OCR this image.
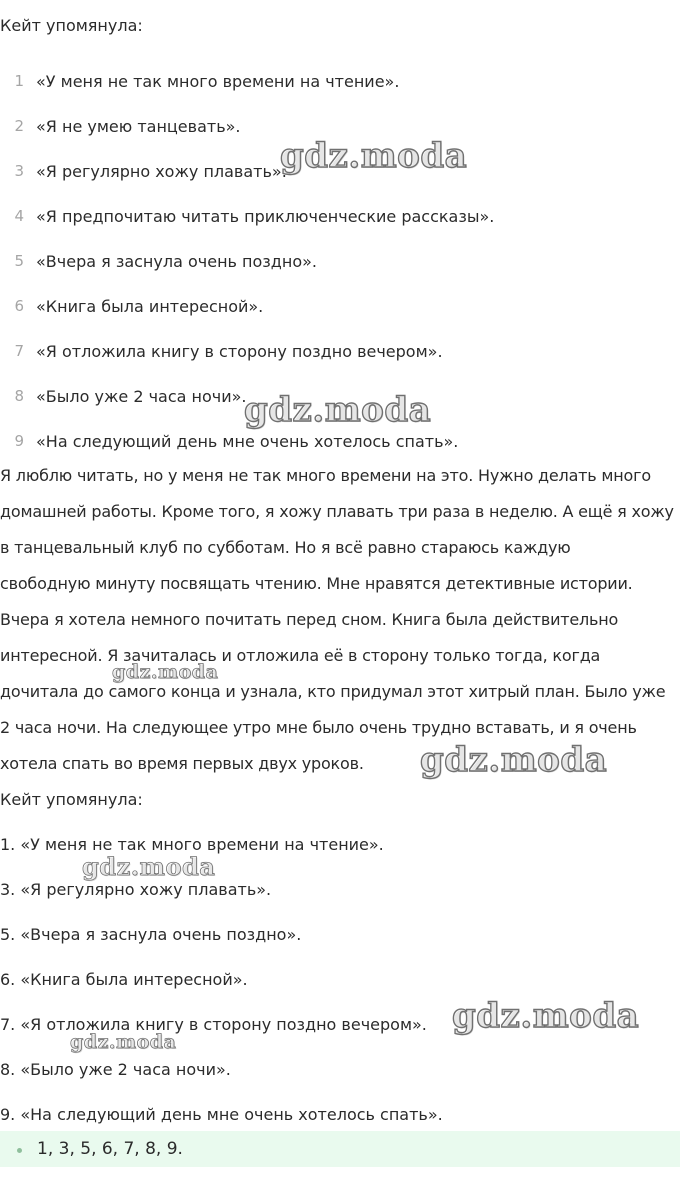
Кейт упомянула:
1 «У меня не так много времени на чтение».
2 «Я не умею танцевать».
3 «Я регулярно хожу плавать».
4 «Я предпочитаю читать приключенческие рассказы».
5 «Вчера я заснула очень поздно».
6 «Книга была интересной».
7 «Я отложила книгу в сторону поздно вечером».
8 «Было уже 2 часа ночи».
9 «На следующий день мне очень хотелось спать».

Я люблю читать, но у меня не так много времени на это. Нужно делать много
домашней работы. Кроме того, я хожу плавать три раза в неделю. А ещё я хожу
в танцевальный клуб по субботам. Но я всё равно стараюсь каждую
свободную минуту посвящать чтению. Мне нравятся детективные истории.
Вчера я хотела немного почитать перед сном. Книга была действительно
интересной. Я зачиталась и отложила её в сторону только тогда, когда
дочитала до самого конца и узнала, кто придумал этот хитрый план. Было уже
2 часа ночи. На следующее утро мне было очень трудно вставать, и я очень
хотела спать во время первых двух уроков.

Кейт упомянула:
1. «У меня не так много времени на чтение».
3. «Я регулярно хожу плавать».
5. «Вчера я заснула очень поздно».
6. «Книга была интересной».
7. «Я отложила книгу в сторону поздно вечером».
8. «Было уже 2 часа ночи».
9. «На следующий день мне очень хотелось спать».
1, 3, 5, 6, 7, 8, 9.
gdz.moda
gdz.moda
gdz.moda
gdz.moda
gdz.moda
gdz.moda
gdz.moda
